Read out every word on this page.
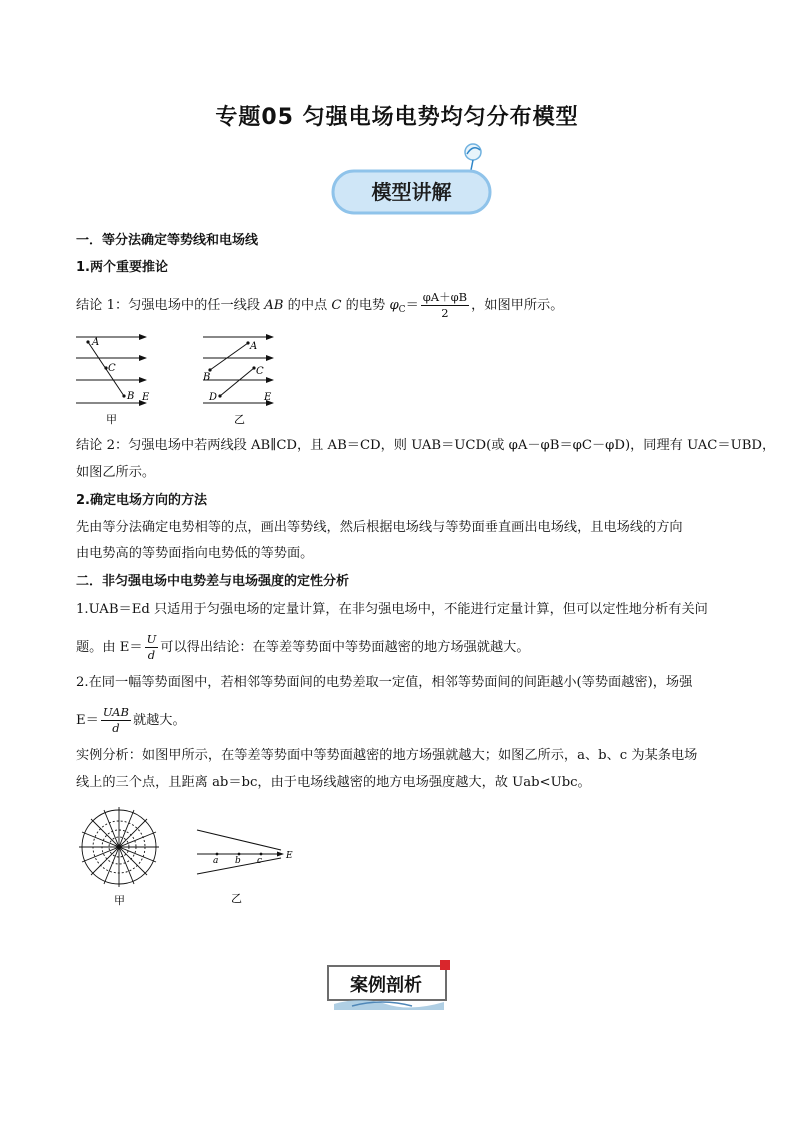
专题05 匀强电场电势均匀分布模型
模型讲解
一．等分法确定等势线和电场线
1.两个重要推论
结论 1：匀强电场中的任一线段 AB 的中点 C 的电势 $\varphi_C= \frac{\varphi A+\varphi B}{2}$ ，如图甲所示。
A
C
B E
甲
A
B
C
D	E
乙
结论 2：匀强电场中若两线段 AB∥CD，且 AB＝CD，则 UAB＝UCD(或 φA－φB＝φC－φD)，同理有 UAC＝UBD，
如图乙所示。
2.确定电场方向的方法
先由等分法确定电势相等的点，画出等势线，然后根据电场线与等势面垂直画出电场线，且电场线的方向
由电势高的等势面指向电势低的等势面。
二．非匀强电场中电势差与电场强度的定性分析
1.UAB＝Ed 只适用于匀强电场的定量计算，在非匀强电场中，不能进行定量计算，但可以定性地分析有关问
题。由 $E= \frac{U}{d}$ 可以得出结论：在等差等势面中等势面越密的地方场强就越大。
2.在同一幅等势面图中，若相邻等势面间的电势差取一定值，相邻等势面间的间距越小(等势面越密)，场强
$E= \frac{\text{UAB}}{d}$ 就越大。
实例分析：如图甲所示，在等差等势面中等势面越密的地方场强就越大；如图乙所示，a、b、c 为某条电场
线上的三个点，且距离 ab＝bc，由于电场线越密的地方电场强度越大，故 Uab<Ubc。
甲
a b c	E
乙
案例剖析
